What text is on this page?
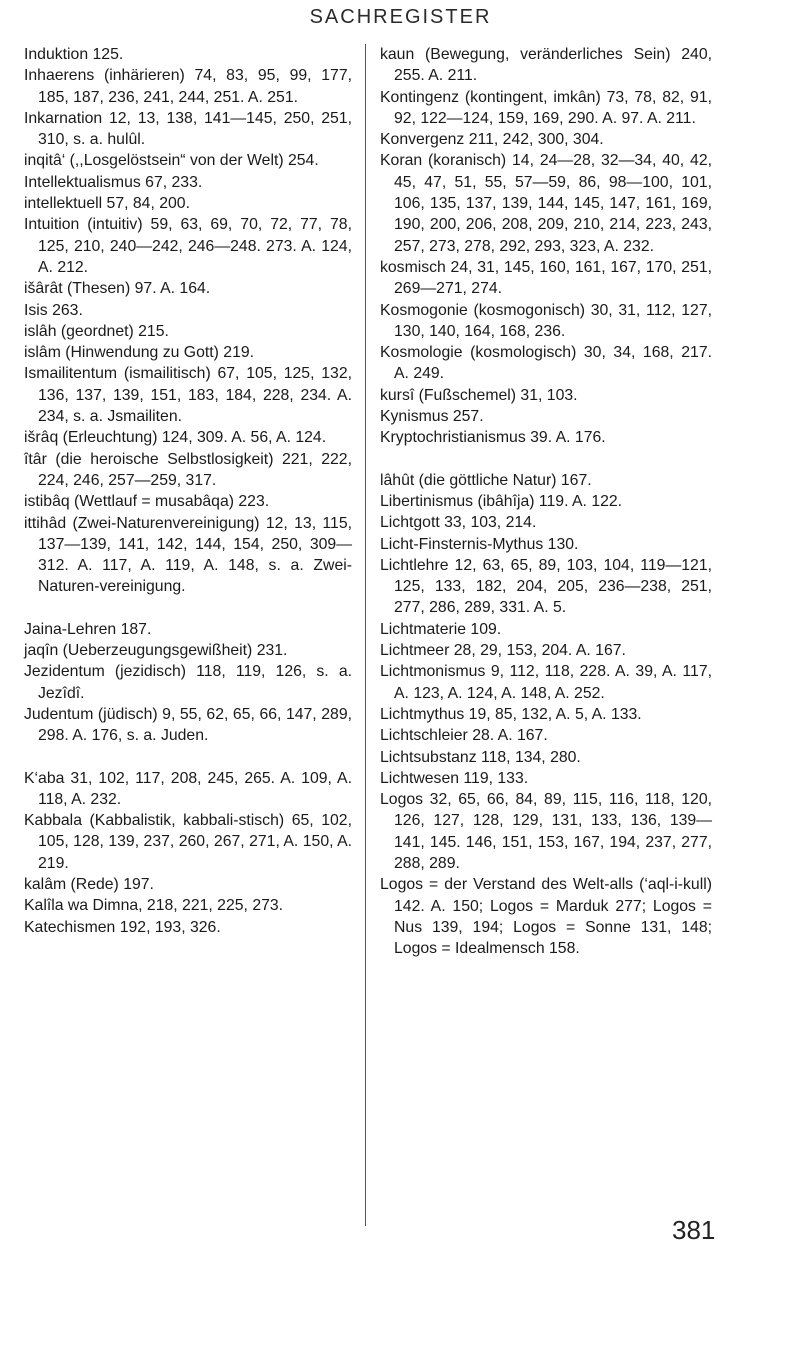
SACHREGISTER
Induktion 125.
Inhaerens (inhärieren) 74, 83, 95, 99, 177, 185, 187, 236, 241, 244, 251. A. 251.
Inkarnation 12, 13, 138, 141—145, 250, 251, 310, s. a. hulûl.
inqitâ‘ (,,Losgelöstsein“ von der Welt) 254.
Intellektualismus 67, 233.
intellektuell 57, 84, 200.
Intuition (intuitiv) 59, 63, 69, 70, 72, 77, 78, 125, 210, 240—242, 246—248. 273. A. 124, A. 212.
išârât (Thesen) 97. A. 164.
Isis 263.
islâh (geordnet) 215.
islâm (Hinwendung zu Gott) 219.
Ismailitentum (ismailitisch) 67, 105, 125, 132, 136, 137, 139, 151, 183, 184, 228, 234. A. 234, s. a. Jsmailiten.
išrâq (Erleuchtung) 124, 309. A. 56, A. 124.
îtâr (die heroische Selbstlosigkeit) 221, 222, 224, 246, 257—259, 317.
istibâq (Wettlauf = musabâqa) 223.
ittihâd (Zwei-Naturenvereinigung) 12, 13, 115, 137—139, 141, 142, 144, 154, 250, 309—312. A. 117, A. 119, A. 148, s. a. Zwei-Naturen-vereinigung.
Jaina-Lehren 187.
jaqîn (Ueberzeugungsgewißheit) 231.
Jezidentum (jezidisch) 118, 119, 126, s. a. Jezîdî.
Judentum (jüdisch) 9, 55, 62, 65, 66, 147, 289, 298. A. 176, s. a. Juden.
K‘aba 31, 102, 117, 208, 245, 265. A. 109, A. 118, A. 232.
Kabbala (Kabbalistik, kabbali-stisch) 65, 102, 105, 128, 139, 237, 260, 267, 271, A. 150, A. 219.
kalâm (Rede) 197.
Kalîla wa Dimna, 218, 221, 225, 273.
Katechismen 192, 193, 326.
kaun (Bewegung, veränderliches Sein) 240, 255. A. 211.
Kontingenz (kontingent, imkân) 73, 78, 82, 91, 92, 122—124, 159, 169, 290. A. 97. A. 211.
Konvergenz 211, 242, 300, 304.
Koran (koranisch) 14, 24—28, 32—34, 40, 42, 45, 47, 51, 55, 57—59, 86, 98—100, 101, 106, 135, 137, 139, 144, 145, 147, 161, 169, 190, 200, 206, 208, 209, 210, 214, 223, 243, 257, 273, 278, 292, 293, 323, A. 232.
kosmisch 24, 31, 145, 160, 161, 167, 170, 251, 269—271, 274.
Kosmogonie (kosmogonisch) 30, 31, 112, 127, 130, 140, 164, 168, 236.
Kosmologie (kosmologisch) 30, 34, 168, 217. A. 249.
kursî (Fußschemel) 31, 103.
Kynismus 257.
Kryptochristianismus 39. A. 176.
lâhût (die göttliche Natur) 167.
Libertinismus (ibâhîja) 119. A. 122.
Lichtgott 33, 103, 214.
Licht-Finsternis-Mythus 130.
Lichtlehre 12, 63, 65, 89, 103, 104, 119—121, 125, 133, 182, 204, 205, 236—238, 251, 277, 286, 289, 331. A. 5.
Lichtmaterie 109.
Lichtmeer 28, 29, 153, 204. A. 167.
Lichtmonismus 9, 112, 118, 228. A. 39, A. 117, A. 123, A. 124, A. 148, A. 252.
Lichtmythus 19, 85, 132, A. 5, A. 133.
Lichtschleier 28. A. 167.
Lichtsubstanz 118, 134, 280.
Lichtwesen 119, 133.
Logos 32, 65, 66, 84, 89, 115, 116, 118, 120, 126, 127, 128, 129, 131, 133, 136, 139—141, 145. 146, 151, 153, 167, 194, 237, 277, 288, 289.
Logos = der Verstand des Welt-alls (‘aql-i-kull) 142. A. 150; Logos = Marduk 277; Logos = Nus 139, 194; Logos = Sonne 131, 148; Logos = Idealmensch 158.
381
